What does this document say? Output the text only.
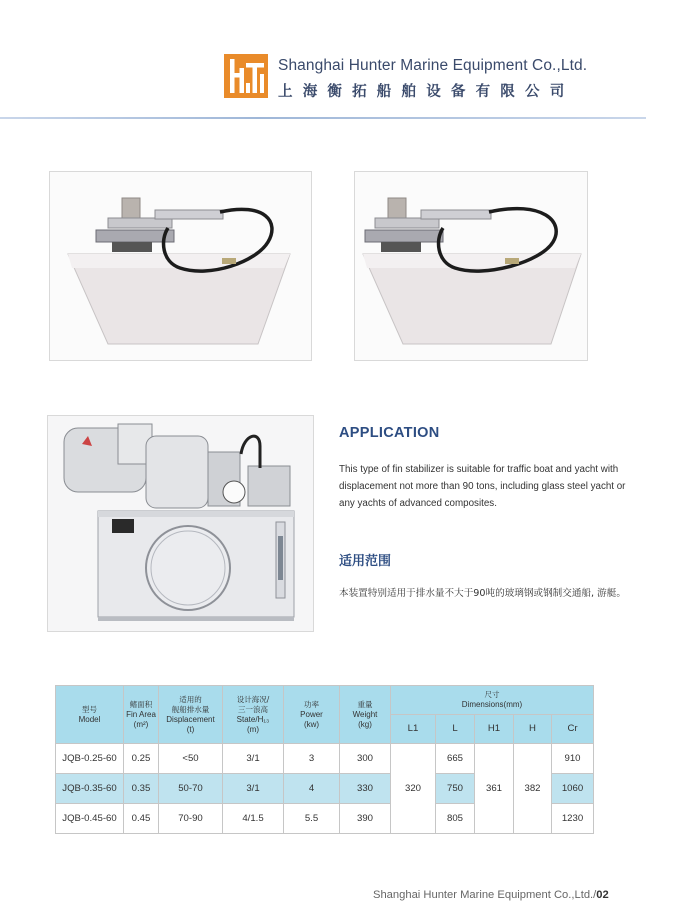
Shanghai Hunter Marine Equipment Co.,Ltd.
上海衡拓船舶设备有限公司
APPLICATION
This type of fin stabilizer is suitable for traffic boat and yacht with displacement not more than 90 tons, including glass steel yacht or any yachts of advanced composites.
适用范围
本装置特别适用于排水量不大于90吨的玻璃钢或钢制交通船, 游艇。
型号
Model	鳍面积
Fin Area
(m²)	适用的
舰船排水量
Displacement
(t)	设计海况/
三一浪高
State/H₁₃
(m)	功率
Power
(kw)	重量
Weight
(kg)	尺寸
Dimensions(mm)				
						L1	L	H1	H	Cr
JQB-0.25-60	0.25	<50	3/1	3	300	320	665	361	382	910
JQB-0.35-60	0.35	50-70	3/1	4	330		750			1060
JQB-0.45-60	0.45	70-90	4/1.5	5.5	390		805			1230
Shanghai Hunter Marine Equipment Co.,Ltd./02
